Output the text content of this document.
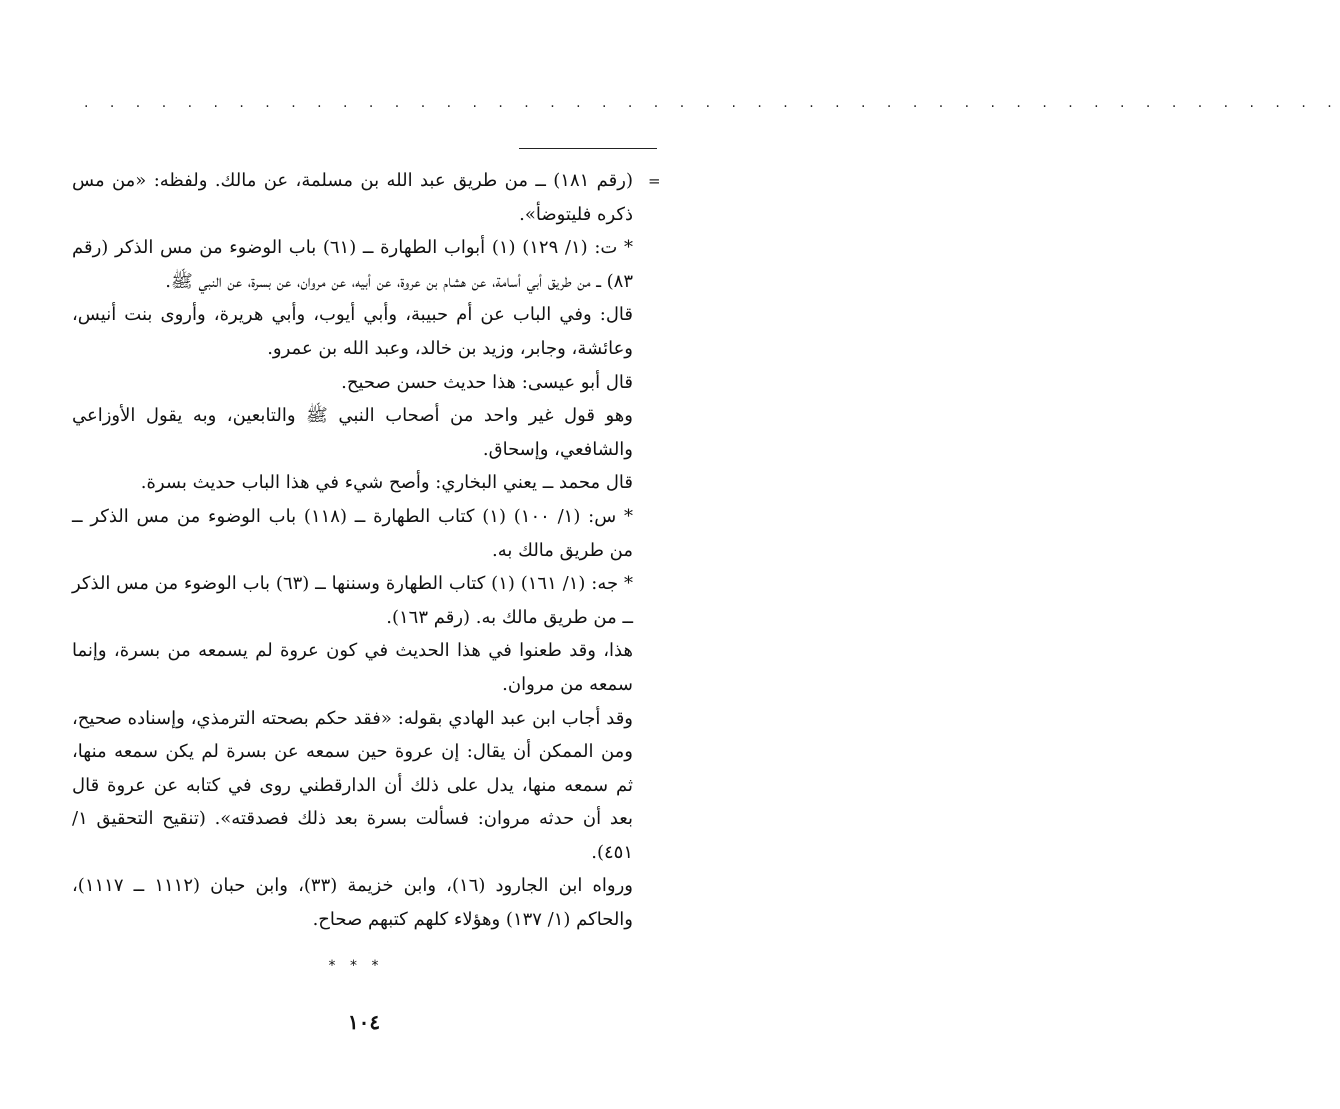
· · · · · · · · · · · · · · · · · · · · · · · · · · · · · · · · · · · · · · · · · · · · · · · · ·
=

(رقم ١٨١) ــ من طريق عبد الله بن مسلمة، عن مالك. ولفظه: «من مس ذكره فليتوضأ».

* ت: (١/ ١٢٩) (١) أبواب الطهارة ــ (٦١) باب الوضوء من مس الذكر (رقم ٨٣) ــ من طريق أبي أسامة، عن هشام بن عروة، عن أبيه، عن مروان، عن بسرة، عن النبي ﷺ.

قال: وفي الباب عن أم حبيبة، وأبي أيوب، وأبي هريرة، وأروى بنت أنيس، وعائشة، وجابر، وزيد بن خالد، وعبد الله بن عمرو.

قال أبو عيسى: هذا حديث حسن صحيح.

وهو قول غير واحد من أصحاب النبي ﷺ والتابعين، وبه يقول الأوزاعي والشافعي، وإسحاق.

قال محمد ــ يعني البخاري: وأصح شيء في هذا الباب حديث بسرة.

* س: (١/ ١٠٠) (١) كتاب الطهارة ــ (١١٨) باب الوضوء من مس الذكر ــ من طريق مالك به.

* جه: (١/ ١٦١) (١) كتاب الطهارة وسننها ــ (٦٣) باب الوضوء من مس الذكر ــ من طريق مالك به. (رقم ١٦٣).

هذا، وقد طعنوا في هذا الحديث في كون عروة لم يسمعه من بسرة، وإنما سمعه من مروان.

وقد أجاب ابن عبد الهادي بقوله: «فقد حكم بصحته الترمذي، وإسناده صحيح، ومن الممكن أن يقال: إن عروة حين سمعه عن بسرة لم يكن سمعه منها، ثم سمعه منها، يدل على ذلك أن الدارقطني روى في كتابه عن عروة قال بعد أن حدثه مروان: فسألت بسرة بعد ذلك فصدقته». (تنقيح التحقيق ١/ ٤٥١).

ورواه ابن الجارود (١٦)، وابن خزيمة (٣٣)، وابن حبان (١١١٢ ــ ١١١٧)، والحاكم (١/ ١٣٧) وهؤلاء كلهم كتبهم صحاح.

* * *
١٠٤
